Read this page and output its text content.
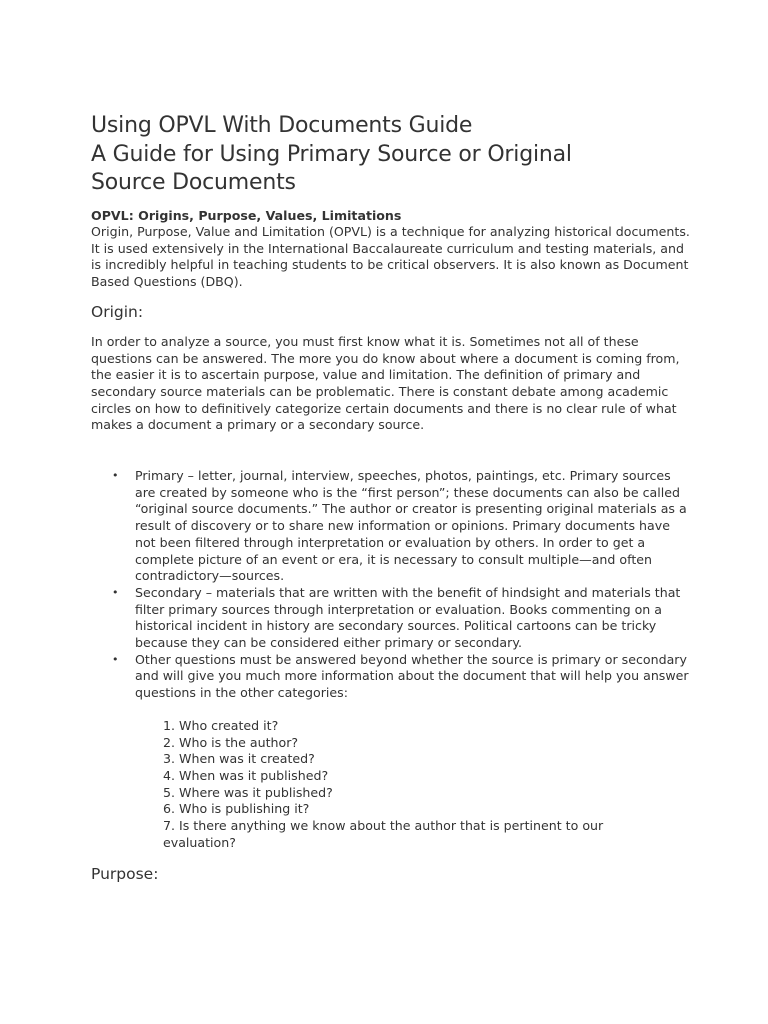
Using OPVL With Documents Guide
A Guide for Using Primary Source or Original
Source Documents
OPVL: Origins, Purpose, Values, Limitations

Origin, Purpose, Value and Limitation (OPVL) is a technique for analyzing historical documents. It is used extensively in the International Baccalaureate curriculum and testing materials, and is incredibly helpful in teaching students to be critical observers. It is also known as Document Based Questions (DBQ).

Origin:

In order to analyze a source, you must first know what it is. Sometimes not all of these questions can be answered. The more you do know about where a document is coming from, the easier it is to ascertain purpose, value and limitation. The definition of primary and secondary source materials can be problematic. There is constant debate among academic circles on how to definitively categorize certain documents and there is no clear rule of what makes a document a primary or a secondary source.

• Primary – letter, journal, interview, speeches, photos, paintings, etc. Primary sources are created by someone who is the “first person”; these documents can also be called “original source documents.” The author or creator is presenting original materials as a result of discovery or to share new information or opinions. Primary documents have not been filtered through interpretation or evaluation by others. In order to get a complete picture of an event or era, it is necessary to consult multiple—and often contradictory—sources.
• Secondary – materials that are written with the benefit of hindsight and materials that filter primary sources through interpretation or evaluation. Books commenting on a historical incident in history are secondary sources. Political cartoons can be tricky because they can be considered either primary or secondary.
• Other questions must be answered beyond whether the source is primary or secondary and will give you much more information about the document that will help you answer questions in the other categories:
1. Who created it?
2. Who is the author?
3. When was it created?
4. When was it published?
5. Where was it published?
6. Who is publishing it?
7. Is there anything we know about the author that is pertinent to our evaluation?
Purpose:
